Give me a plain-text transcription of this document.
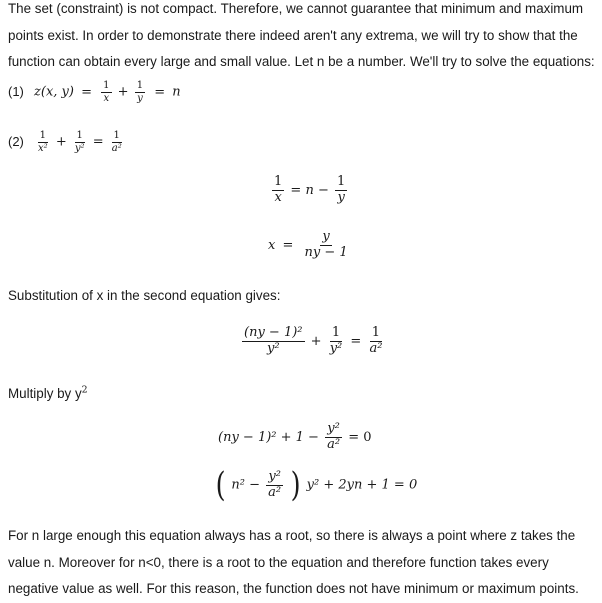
The set (constraint) is not compact. Therefore, we cannot guarantee that minimum and maximum
points exist. In order to demonstrate there indeed aren't any extrema, we will try to show that the
function can obtain every large and small value. Let n be a number. We'll try to solve the equations:
(1) z(x, $y) = \frac{1}{x} + \frac{1}{y} = n$
$(2) \frac{1}{\text{x²}} + \frac{1}{\text{y²}} = \frac{1}{\text{a²}}$
$\frac{1}{x} = n - \frac{1}{y}$
$x = \frac{y}{ny - 1}$
Substitution of x in the second equation gives:
$\frac{\text{(ny − 1)²}}{\text{y²}} + \frac{1}{\text{y²}} = \frac{1}{\text{a²}}$
Multiply by $y^2$
$(ny - 1)^2 + 1 - \frac{\text{y²}}{\text{a²}} = 0$
( $n^2 - \frac{\text{y²}}{\text{a²}}$ ) y² + 2yn + 1 = 0
For n large enough this equation always has a root, so there is always a point where z takes the
value n. Moreover for n<0, there is a root to the equation and therefore function takes every
negative value as well. For this reason, the function does not have minimum or maximum points.
